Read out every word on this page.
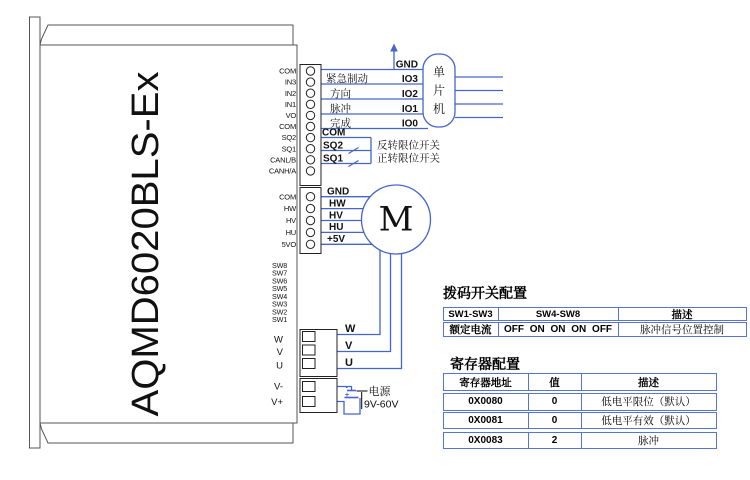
AQMD6020BLS-Ex	M
单
片
机
COM
IN3
IN2
IN1
VO
COM
SQ2
SQ1
CANL/B
CANH/A
COM
HW
HV
HU
5VO
SW8
SW7
SW6
SW5
SW4
SW3
SW2
SW1
W
V
U
V-
V+
GND
IO3
IO2
IO1
IO0
紧急制动
方向
脉冲
完成
COM
SQ2
SQ1
反转限位开关
正转限位开关
GND
HW
HV
HU
+5V
W
V
U
-
+ 电源
9V-60V
拨码开关配置
SW1-SW3	SW4-SW8	描述
额定电流	OFF ON ON ON OFF	脉冲信号位置控制
寄存器配置
寄存器地址	值	描述
0X0080	0	低电平限位（默认）
0X0081	0	低电平有效（默认）
0X0083	2	脉冲
